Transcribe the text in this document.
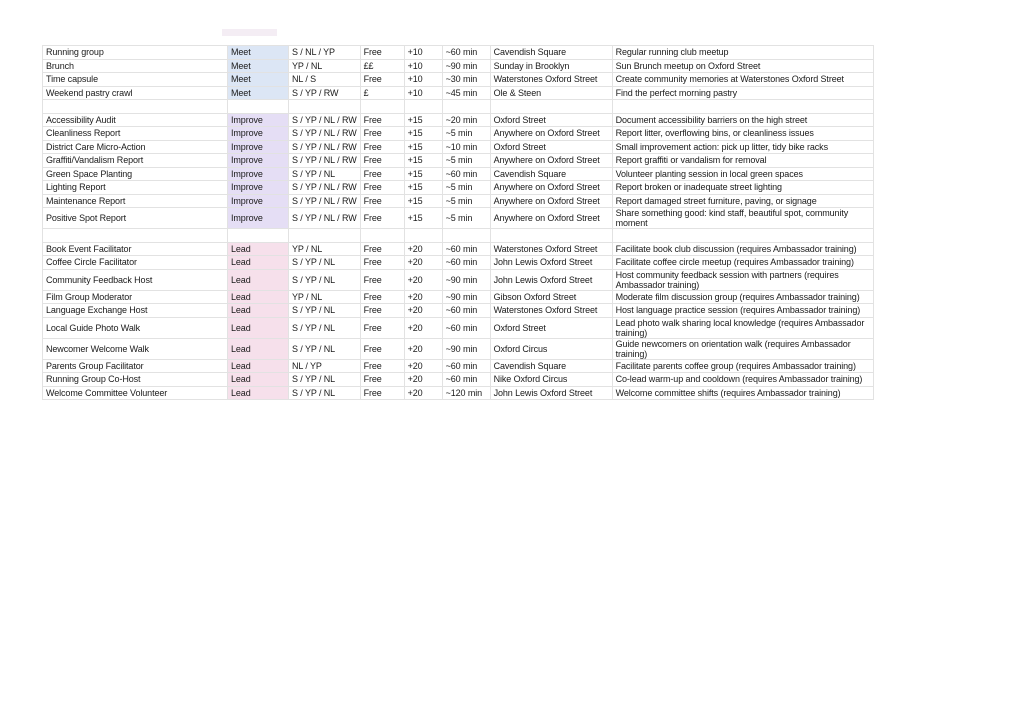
Running group	Meet	S / NL / YP	Free	+10	~60 min	Cavendish Square	Regular running club meetup
Brunch	Meet	YP / NL	££	+10	~90 min	Sunday in Brooklyn	Sun Brunch meetup on Oxford Street
Time capsule	Meet	NL / S	Free	+10	~30 min	Waterstones Oxford Street	Create community memories at Waterstones Oxford Street
Weekend pastry crawl	Meet	S / YP / RW	£	+10	~45 min	Ole & Steen	Find the perfect morning pastry

Accessibility Audit	Improve	S / YP / NL / RW	Free	+15	~20 min	Oxford Street	Document accessibility barriers on the high street
Cleanliness Report	Improve	S / YP / NL / RW	Free	+15	~5 min	Anywhere on Oxford Street	Report litter, overflowing bins, or cleanliness issues
District Care Micro-Action	Improve	S / YP / NL / RW	Free	+15	~10 min	Oxford Street	Small improvement action: pick up litter, tidy bike racks
Graffiti/Vandalism Report	Improve	S / YP / NL / RW	Free	+15	~5 min	Anywhere on Oxford Street	Report graffiti or vandalism for removal
Green Space Planting	Improve	S / YP / NL	Free	+15	~60 min	Cavendish Square	Volunteer planting session in local green spaces
Lighting Report	Improve	S / YP / NL / RW	Free	+15	~5 min	Anywhere on Oxford Street	Report broken or inadequate street lighting
Maintenance Report	Improve	S / YP / NL / RW	Free	+15	~5 min	Anywhere on Oxford Street	Report damaged street furniture, paving, or signage
Positive Spot Report	Improve	S / YP / NL / RW	Free	+15	~5 min	Anywhere on Oxford Street	Share something good: kind staff, beautiful spot, community moment

Book Event Facilitator	Lead	YP / NL	Free	+20	~60 min	Waterstones Oxford Street	Facilitate book club discussion (requires Ambassador training)
Coffee Circle Facilitator	Lead	S / YP / NL	Free	+20	~60 min	John Lewis Oxford Street	Facilitate coffee circle meetup (requires Ambassador training)
Community Feedback Host	Lead	S / YP / NL	Free	+20	~90 min	John Lewis Oxford Street	Host community feedback session with partners (requires Ambassador training)
Film Group Moderator	Lead	YP / NL	Free	+20	~90 min	Gibson Oxford Street	Moderate film discussion group (requires Ambassador training)
Language Exchange Host	Lead	S / YP / NL	Free	+20	~60 min	Waterstones Oxford Street	Host language practice session (requires Ambassador training)
Local Guide Photo Walk	Lead	S / YP / NL	Free	+20	~60 min	Oxford Street	Lead photo walk sharing local knowledge (requires Ambassador training)
Newcomer Welcome Walk	Lead	S / YP / NL	Free	+20	~90 min	Oxford Circus	Guide newcomers on orientation walk (requires Ambassador training)
Parents Group Facilitator	Lead	NL / YP	Free	+20	~60 min	Cavendish Square	Facilitate parents coffee group (requires Ambassador training)
Running Group Co-Host	Lead	S / YP / NL	Free	+20	~60 min	Nike Oxford Circus	Co-lead warm-up and cooldown (requires Ambassador training)
Welcome Committee Volunteer	Lead	S / YP / NL	Free	+20	~120 min	John Lewis Oxford Street	Welcome committee shifts (requires Ambassador training)
